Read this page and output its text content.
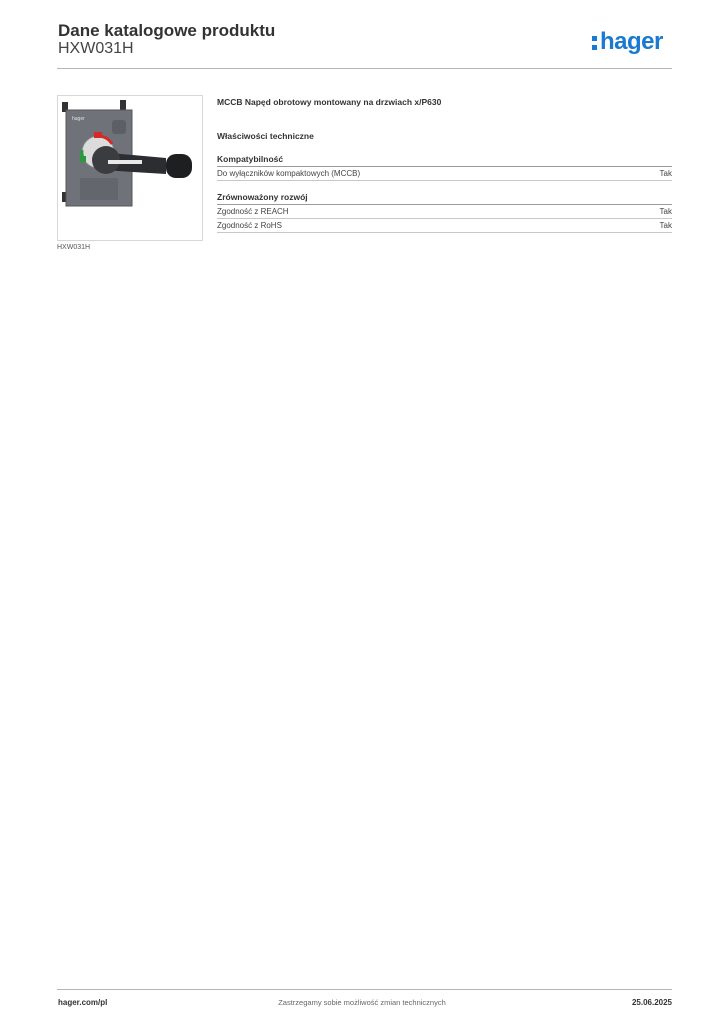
Dane katalogowe produktu
HXW031H	hager
hager
HXW031H
MCCB Napęd obrotowy montowany na drzwiach x/P630
Właściwości techniczne
Kompatybilność
Do wyłączników kompaktowych (MCCB)	Tak
Zrównoważony rozwój
Zgodność z REACH	Tak
Zgodność z RoHS	Tak
hager.com/pl	Zastrzegamy sobie możliwość zmian technicznych	25.06.2025
